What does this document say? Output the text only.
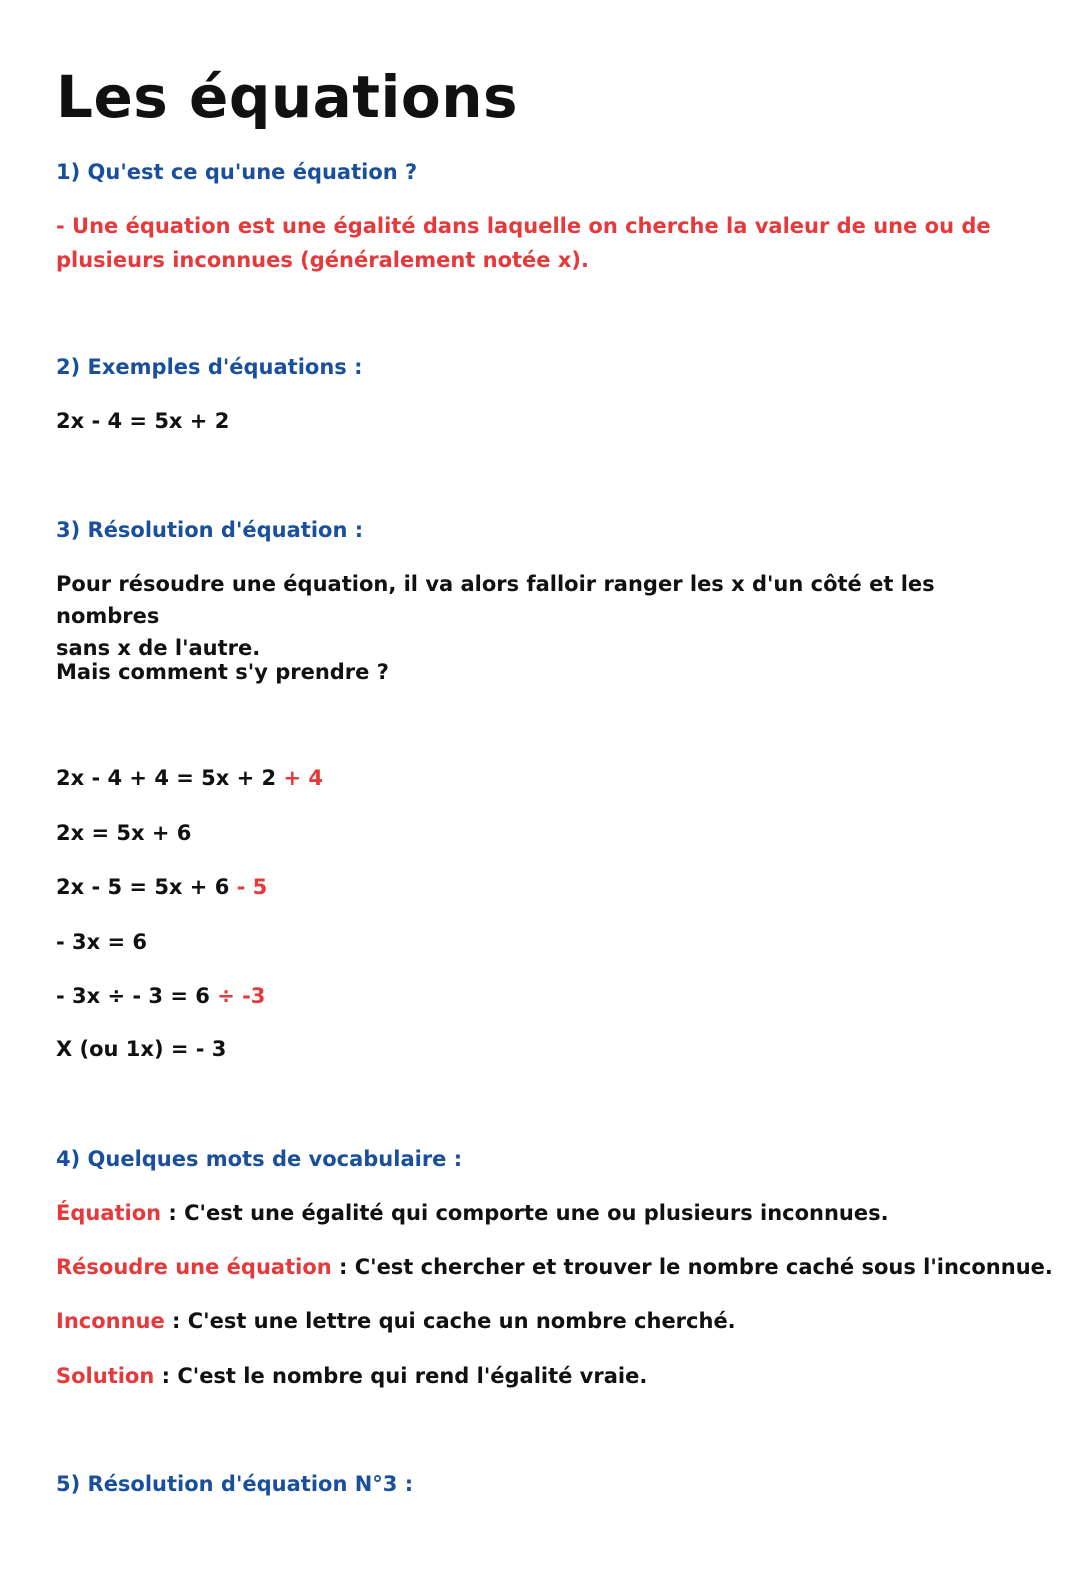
Les équations
1) Qu'est ce qu'une équation ?
- Une équation est une égalité dans laquelle on cherche la valeur de une ou de
plusieurs inconnues (généralement notée x).
2) Exemples d'équations :
2x - 4 = 5x + 2
3) Résolution d'équation :
Pour résoudre une équation, il va alors falloir ranger les x d'un côté et les nombres
sans x de l'autre.
Mais comment s'y prendre ?
2x - 4 + 4 = 5x + 2 + 4
2x = 5x + 6
2x - 5 = 5x + 6 - 5
- 3x = 6
- 3x ÷ - 3 = 6 ÷ -3
X (ou 1x) = - 3
4) Quelques mots de vocabulaire :
Équation : C'est une égalité qui comporte une ou plusieurs inconnues.
Résoudre une équation : C'est chercher et trouver le nombre caché sous l'inconnue.
Inconnue : C'est une lettre qui cache un nombre cherché.
Solution : C'est le nombre qui rend l'égalité vraie.
5) Résolution d'équation N°3 :
